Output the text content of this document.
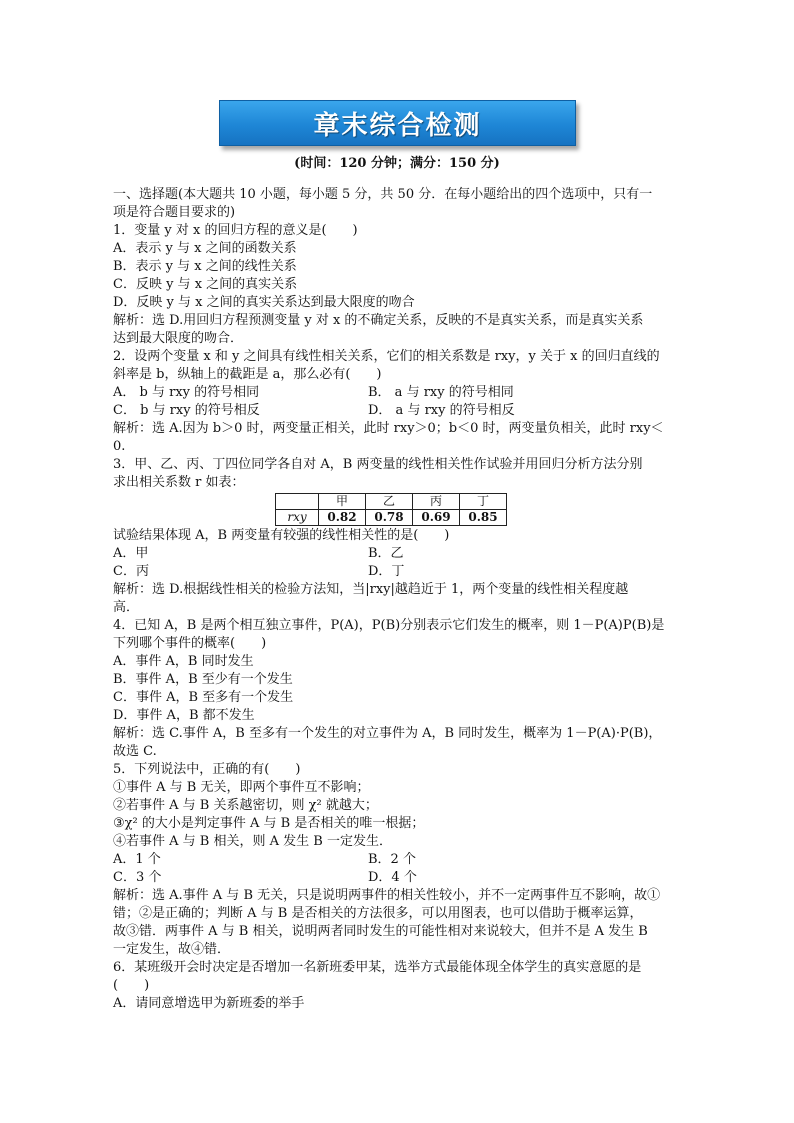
章末综合检测
(时间：120 分钟；满分：150 分)

一、选择题(本大题共 10 小题，每小题 5 分，共 50 分．在每小题给出的四个选项中，只有一

项是符合题目要求的)

1．变量 y 对 x 的回归方程的意义是(　　)

A．表示 y 与 x 之间的函数关系

B．表示 y 与 x 之间的线性关系

C．反映 y 与 x 之间的真实关系

D．反映 y 与 x 之间的真实关系达到最大限度的吻合

解析：选 D.用回归方程预测变量 y 对 x 的不确定关系，反映的不是真实关系，而是真实关系

达到最大限度的吻合．

2．设两个变量 x 和 y 之间具有线性相关关系，它们的相关系数是 rxy，y 关于 x 的回归直线的

斜率是 b，纵轴上的截距是 a，那么必有(　　)

A． b 与 rxy 的符号相同	B． a 与 rxy 的符号相同
C． b 与 rxy 的符号相反	D． a 与 rxy 的符号相反

解析：选 A.因为 b＞0 时，两变量正相关，此时 rxy＞0；b＜0 时，两变量负相关，此时 rxy＜

0.

3．甲、乙、丙、丁四位同学各自对 A，B 两变量的线性相关性作试验并用回归分析方法分别

求出相关系数 r 如表：

	甲	乙	丙	丁
rxy	0.82	0.78	0.69	0.85

试验结果体现 A，B 两变量有较强的线性相关性的是(　　)

A．甲	B．乙
C．丙	D．丁

解析：选 D.根据线性相关的检验方法知，当|rxy|越趋近于 1，两个变量的线性相关程度越

高．

4．已知 A，B 是两个相互独立事件，P(A)，P(B)分别表示它们发生的概率，则 1－P(A)P(B)是

下列哪个事件的概率(　　)

A．事件 A，B 同时发生

B．事件 A，B 至少有一个发生

C．事件 A，B 至多有一个发生

D．事件 A，B 都不发生

解析：选 C.事件 A，B 至多有一个发生的对立事件为 A，B 同时发生，概率为 1－P(A)·P(B)，

故选 C.

5．下列说法中，正确的有(　　)

①事件 A 与 B 无关，即两个事件互不影响；

②若事件 A 与 B 关系越密切，则 χ² 就越大；

③χ² 的大小是判定事件 A 与 B 是否相关的唯一根据；

④若事件 A 与 B 相关，则 A 发生 B 一定发生．

A．1 个	B．2 个
C．3 个	D．4 个

解析：选 A.事件 A 与 B 无关，只是说明两事件的相关性较小，并不一定两事件互不影响，故①

错；②是正确的；判断 A 与 B 是否相关的方法很多，可以用图表，也可以借助于概率运算，

故③错．两事件 A 与 B 相关，说明两者同时发生的可能性相对来说较大，但并不是 A 发生 B

一定发生，故④错．

6．某班级开会时决定是否增加一名新班委甲某，选举方式最能体现全体学生的真实意愿的是

(　　)

A．请同意增选甲为新班委的举手
